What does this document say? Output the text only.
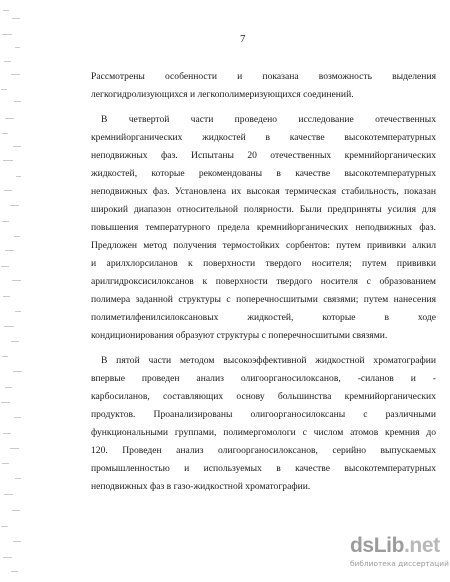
7
Рассмотрены особенности и показана возможность выделения
легкогидролизующихся и легкополимеризующихся соединений.
В четвертой части проведено исследование отечественных
кремнийорганических жидкостей в качестве высокотемпературных
неподвижных фаз. Испытаны 20 отечественных кремнийорганических
жидкостей, которые рекомендованы в качестве высокотемпературных
неподвижных фаз. Установлена их высокая термическая стабильность, показан
широкий диапазон относительной полярности. Были предприняты усилия для
повышения температурного предела кремнийорганических неподвижных фаз.
Предложен метод получения термостойких сорбентов: путем прививки алкил
и арилхлорсиланов к поверхности твердого носителя; путем прививки
арилгидроксисилоксанов к поверхности твердого носителя с образованием
полимера заданной структуры с поперечносшитыми связями; путем нанесения
полиметилфенилсилоксановых жидкостей, которые в ходе
кондиционирования образуют структуры с поперечносшитыми связями.
В пятой части методом высокоэффективной жидкостной хроматографии
впервые проведен анализ олигоорганосилоксанов, -силанов и -
карбосиланов, составляющих основу большинства кремнийорганических
продуктов. Проанализированы олигоорганосилоксаны с различными
функциональными группами, полимергомологи с числом атомов кремния до
120. Проведен анализ олигоорганосилоксанов, серийно выпускаемых
промышленностью и используемых в качестве высокотемпературных
неподвижных фаз в газо-жидкостной хроматографии.
dsLib.net
библиотека диссертаций
